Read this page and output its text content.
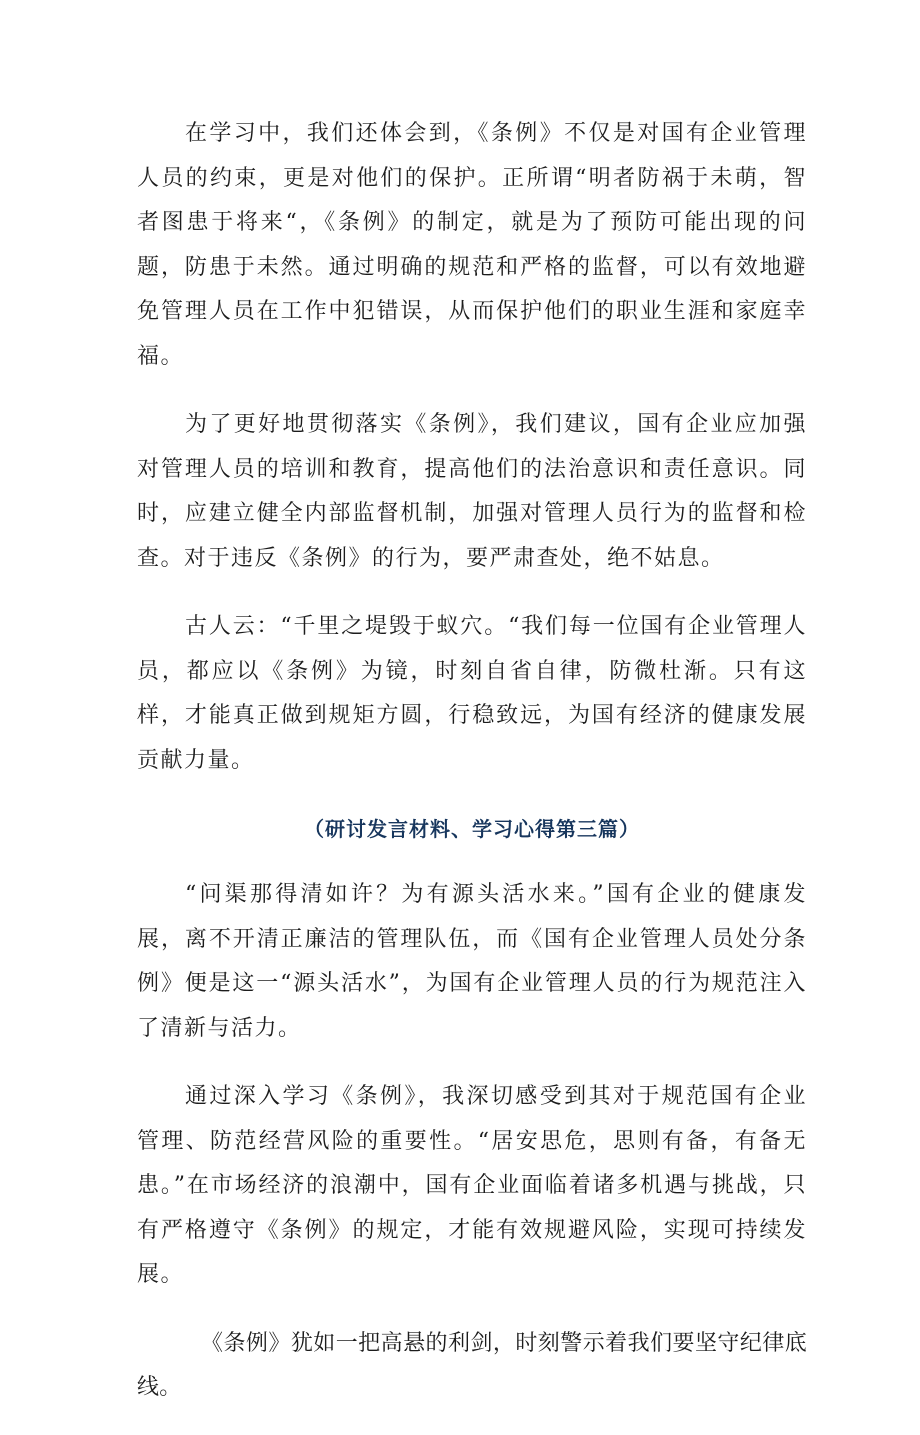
在学习中，我们还体会到，《条例》不仅是对国有企业管理人员的约束，更是对他们的保护。正所谓“明者防祸于未萌，智者图患于将来“，《条例》的制定，就是为了预防可能出现的问题，防患于未然。通过明确的规范和严格的监督，可以有效地避免管理人员在工作中犯错误，从而保护他们的职业生涯和家庭幸福。

为了更好地贯彻落实《条例》，我们建议，国有企业应加强对管理人员的培训和教育，提高他们的法治意识和责任意识。同时，应建立健全内部监督机制，加强对管理人员行为的监督和检查。对于违反《条例》的行为，要严肃查处，绝不姑息。

古人云：“千里之堤毁于蚁穴。“我们每一位国有企业管理人员，都应以《条例》为镜，时刻自省自律，防微杜渐。只有这样，才能真正做到规矩方圆，行稳致远，为国有经济的健康发展贡献力量。

（研讨发言材料、学习心得第三篇）

“问渠那得清如许？为有源头活水来。”国有企业的健康发展，离不开清正廉洁的管理队伍，而《国有企业管理人员处分条例》便是这一“源头活水”，为国有企业管理人员的行为规范注入了清新与活力。

通过深入学习《条例》，我深切感受到其对于规范国有企业管理、防范经营风险的重要性。“居安思危，思则有备，有备无患。”在市场经济的浪潮中，国有企业面临着诸多机遇与挑战，只有严格遵守《条例》的规定，才能有效规避风险，实现可持续发展。

《条例》犹如一把高悬的利剑，时刻警示着我们要坚守纪律底线。
